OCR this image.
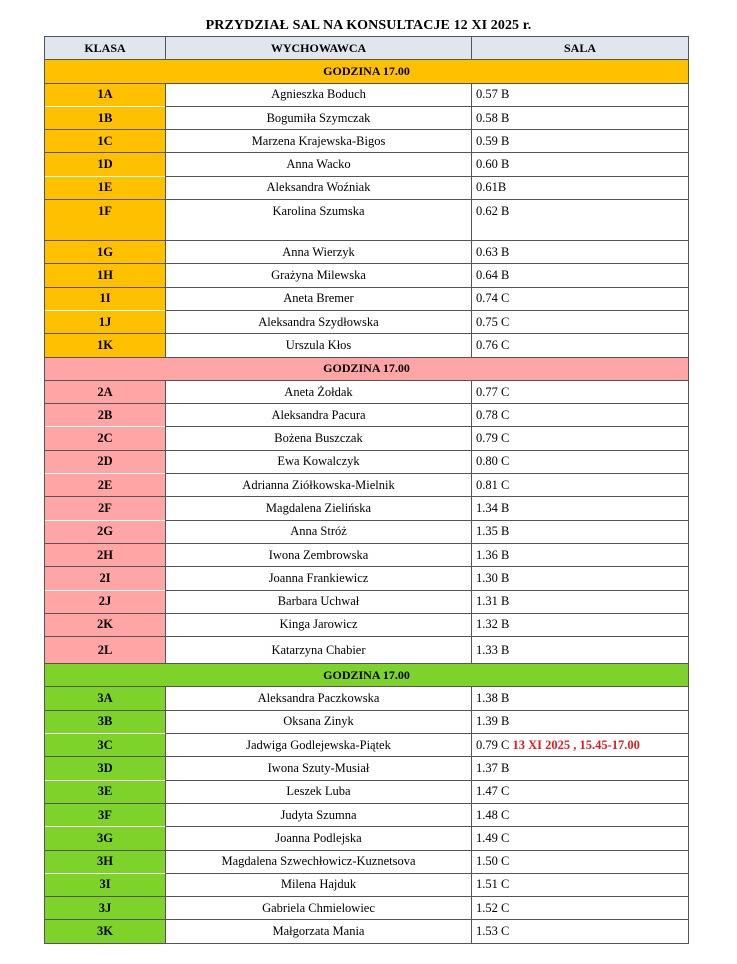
PRZYDZIAŁ SAL NA KONSULTACJE 12 XI 2025 r.
KLASA	WYCHOWAWCA	SALA
GODZINA 17.00		
1A	Agnieszka Boduch	0.57 B
1B	Bogumiła Szymczak	0.58 B
1C	Marzena Krajewska-Bigos	0.59 B
1D	Anna Wacko	0.60 B
1E	Aleksandra Woźniak	0.61B
1F	Karolina Szumska	0.62 B
1G	Anna Wierzyk	0.63 B
1H	Grażyna Milewska	0.64 B
1I	Aneta Bremer	0.74 C
1J	Aleksandra Szydłowska	0.75 C
1K	Urszula Kłos	0.76 C
GODZINA 17.00		
2A	Aneta Żołdak	0.77 C
2B	Aleksandra Pacura	0.78 C
2C	Bożena Buszczak	0.79 C
2D	Ewa Kowalczyk	0.80 C
2E	Adrianna Ziółkowska-Mielnik	0.81 C
2F	Magdalena Zielińska	1.34 B
2G	Anna Stróż	1.35 B
2H	Iwona Zembrowska	1.36 B
2I	Joanna Frankiewicz	1.30 B
2J	Barbara Uchwał	1.31 B
2K	Kinga Jarowicz	1.32 B
2L	Katarzyna Chabier	1.33 B
GODZINA 17.00		
3A	Aleksandra Paczkowska	1.38 B
3B	Oksana Zinyk	1.39 B
3C	Jadwiga Godlejewska-Piątek	0.79 C 13 XI 2025 , 15.45-17.00
3D	Iwona Szuty-Musiał	1.37 B
3E	Leszek Luba	1.47 C
3F	Judyta Szumna	1.48 C
3G	Joanna Podlejska	1.49 C
3H	Magdalena Szwechłowicz-Kuznetsova	1.50 C
3I	Milena Hajduk	1.51 C
3J	Gabriela Chmielowiec	1.52 C
3K	Małgorzata Mania	1.53 C
